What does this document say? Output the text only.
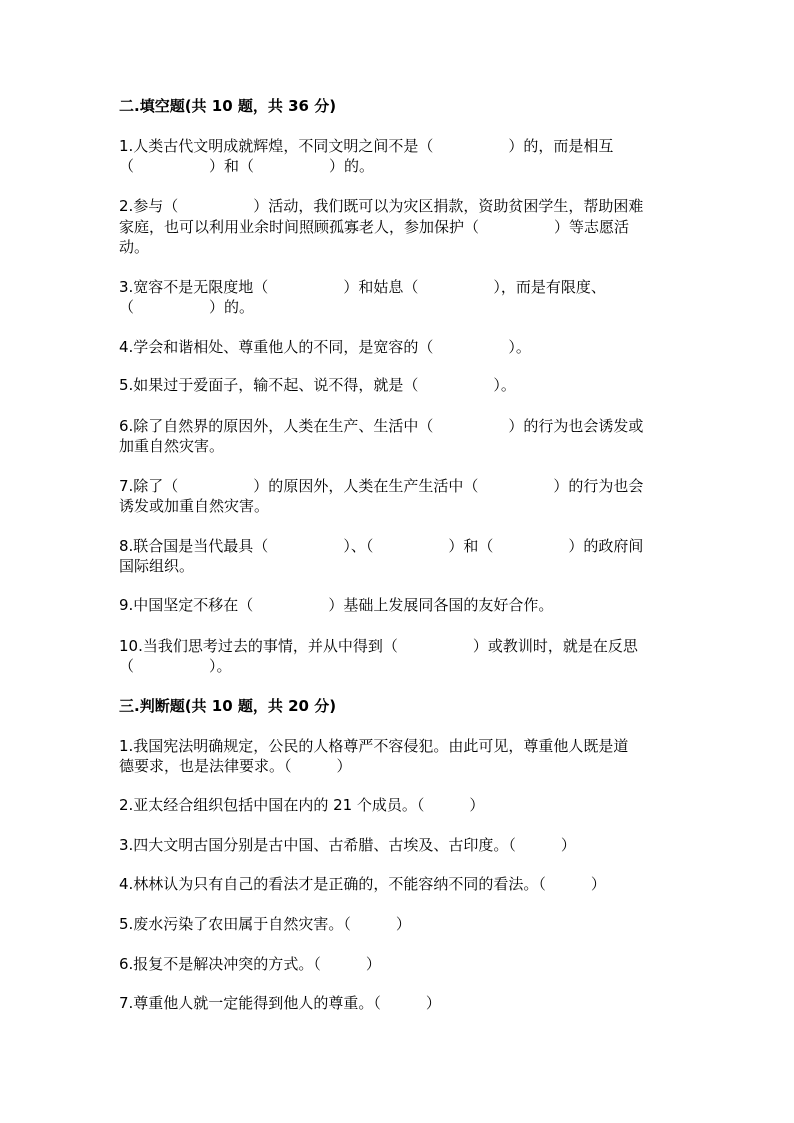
二.填空题(共 10 题，共 36 分)
1.人类古代文明成就辉煌，不同文明之间不是（　　　　　）的，而是相互
（　　　　　）和（　　　　　）的。
2.参与（　　　　　）活动，我们既可以为灾区捐款，资助贫困学生，帮助困难
家庭，也可以利用业余时间照顾孤寡老人，参加保护（　　　　　）等志愿活
动。
3.宽容不是无限度地（　　　　　）和姑息（　　　　　），而是有限度、
（　　　　　）的。
4.学会和谐相处、尊重他人的不同，是宽容的（　　　　　）。
5.如果过于爱面子，输不起、说不得，就是（　　　　　）。
6.除了自然界的原因外，人类在生产、生活中（　　　　　）的行为也会诱发或
加重自然灾害。
7.除了（　　　　　）的原因外，人类在生产生活中（　　　　　）的行为也会
诱发或加重自然灾害。
8.联合国是当代最具（　　　　　）、（　　　　　）和（　　　　　）的政府间
国际组织。
9.中国坚定不移在（　　　　　）基础上发展同各国的友好合作。
10.当我们思考过去的事情，并从中得到（　　　　　）或教训时，就是在反思
（　　　　　）。
三.判断题(共 10 题，共 20 分)
1.我国宪法明确规定，公民的人格尊严不容侵犯。由此可见，尊重他人既是道
德要求，也是法律要求。（　　　）
2.亚太经合组织包括中国在内的 21 个成员。（　　　）
3.四大文明古国分别是古中国、古希腊、古埃及、古印度。（　　　）
4.林林认为只有自己的看法才是正确的，不能容纳不同的看法。（　　　）
5.废水污染了农田属于自然灾害。（　　　）
6.报复不是解决冲突的方式。（　　　）
7.尊重他人就一定能得到他人的尊重。（　　　）
